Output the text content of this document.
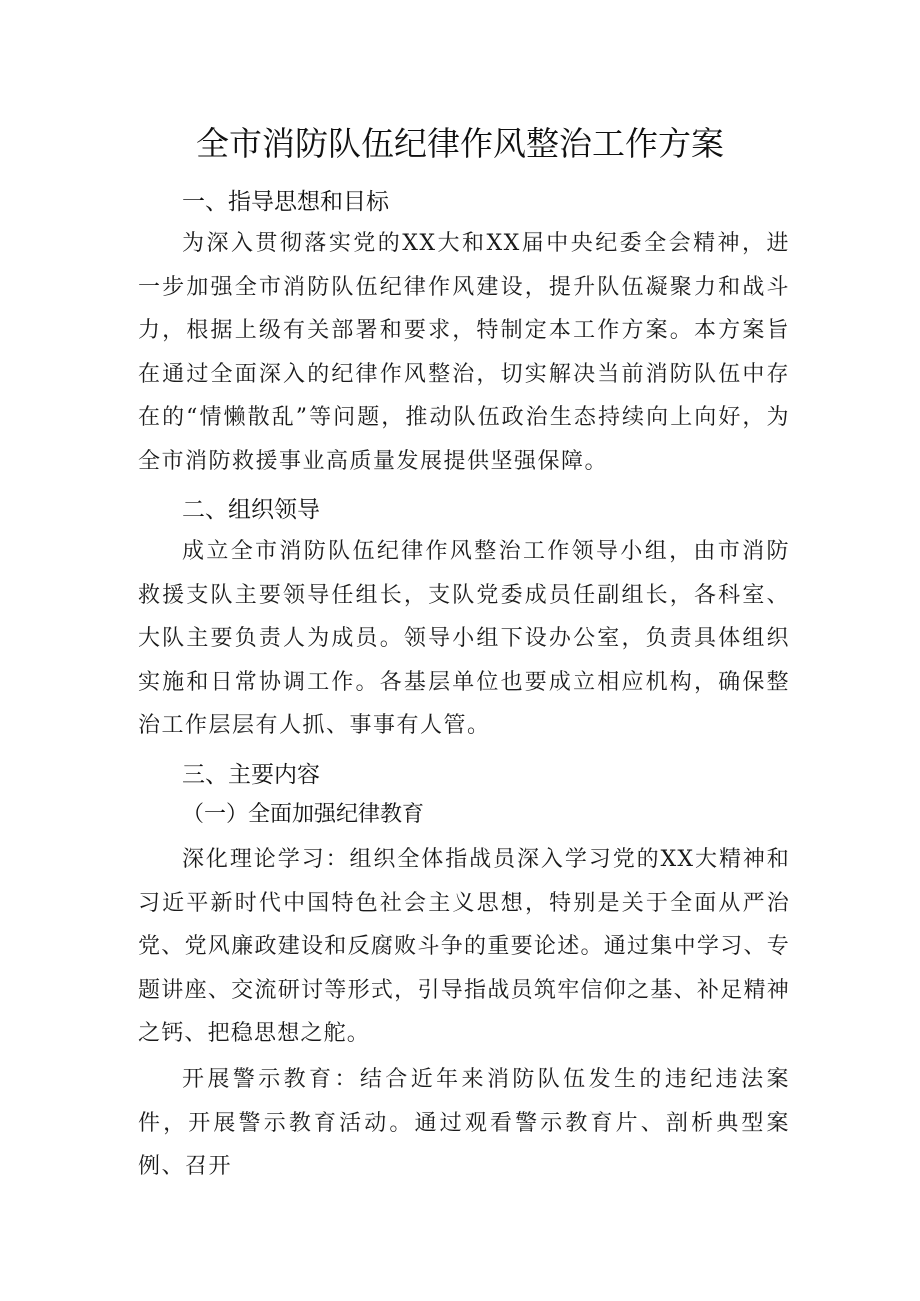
全市消防队伍纪律作风整治工作方案
一、指导思想和目标

为深入贯彻落实党的XX大和XX届中央纪委全会精神，进一步加强全市消防队伍纪律作风建设，提升队伍凝聚力和战斗力，根据上级有关部署和要求，特制定本工作方案。本方案旨在通过全面深入的纪律作风整治，切实解决当前消防队伍中存在的“情懒散乱”等问题，推动队伍政治生态持续向上向好，为全市消防救援事业高质量发展提供坚强保障。

二、组织领导

成立全市消防队伍纪律作风整治工作领导小组，由市消防救援支队主要领导任组长，支队党委成员任副组长，各科室、大队主要负责人为成员。领导小组下设办公室，负责具体组织实施和日常协调工作。各基层单位也要成立相应机构，确保整治工作层层有人抓、事事有人管。

三、主要内容
（一）全面加强纪律教育

深化理论学习：组织全体指战员深入学习党的XX大精神和习近平新时代中国特色社会主义思想，特别是关于全面从严治党、党风廉政建设和反腐败斗争的重要论述。通过集中学习、专题讲座、交流研讨等形式，引导指战员筑牢信仰之基、补足精神之钙、把稳思想之舵。

开展警示教育：结合近年来消防队伍发生的违纪违法案件，开展警示教育活动。通过观看警示教育片、剖析典型案例、召开
